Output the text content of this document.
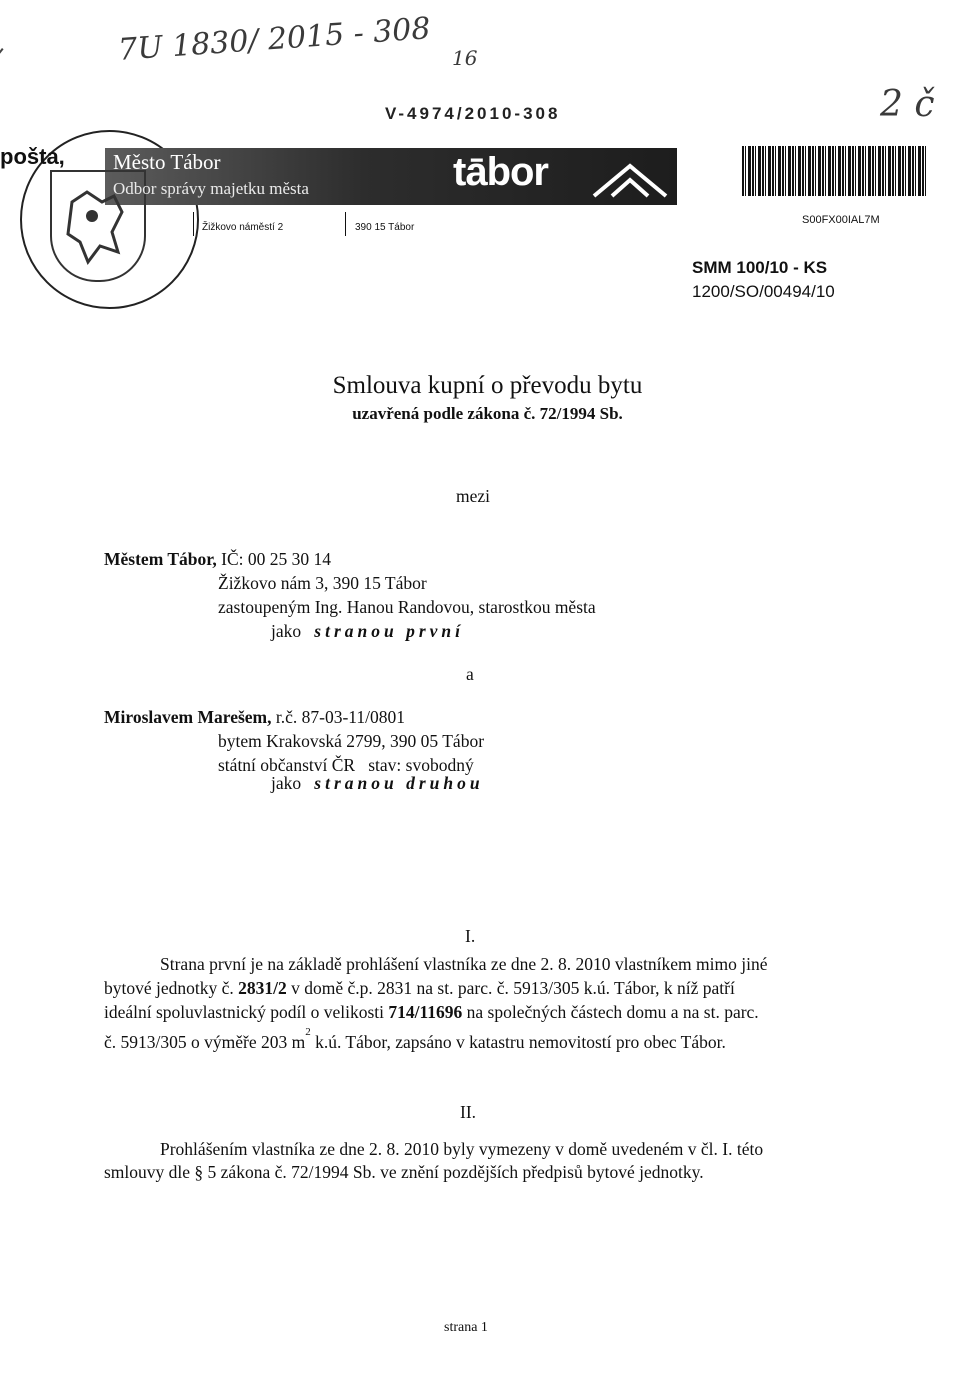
7U 1830/ 2015 - 308 16
2 č
V-4974/2010-308
pošta, Město Tábor
Odbor správy majetku města	tābor
Žižkovo náměstí 2	390 15 Tábor
S00FX00IAL7M
SMM 100/10 - KS
1200/SO/00494/10
Smlouva kupní o převodu bytu
uzavřená podle zákona č. 72/1994 Sb.
mezi
Městem Tábor, IČ: 00 25 30 14
Žižkovo nám 3, 390 15 Tábor
zastoupeným Ing. Hanou Randovou, starostkou města
jako stranou první
a
Miroslavem Marešem, r.č. 87-03-11/0801
bytem Krakovská 2799, 390 05 Tábor
státní občanství ČR stav: svobodný
jako stranou druhou
I.
Strana první je na základě prohlášení vlastníka ze dne 2. 8. 2010 vlastníkem mimo jiné
bytové jednotky č. 2831/2 v domě č.p. 2831 na st. parc. č. 5913/305 k.ú. Tábor, k níž patří
ideální spoluvlastnický podíl o velikosti 714/11696 na společných částech domu a na st. parc.
č. 5913/305 o výměře 203 $m^2$ k.ú. Tábor, zapsáno v katastru nemovitostí pro obec Tábor.
II.
Prohlášením vlastníka ze dne 2. 8. 2010 byly vymezeny v domě uvedeném v čl. I. této
smlouvy dle § 5 zákona č. 72/1994 Sb. ve znění pozdějších předpisů bytové jednotky.
strana 1
